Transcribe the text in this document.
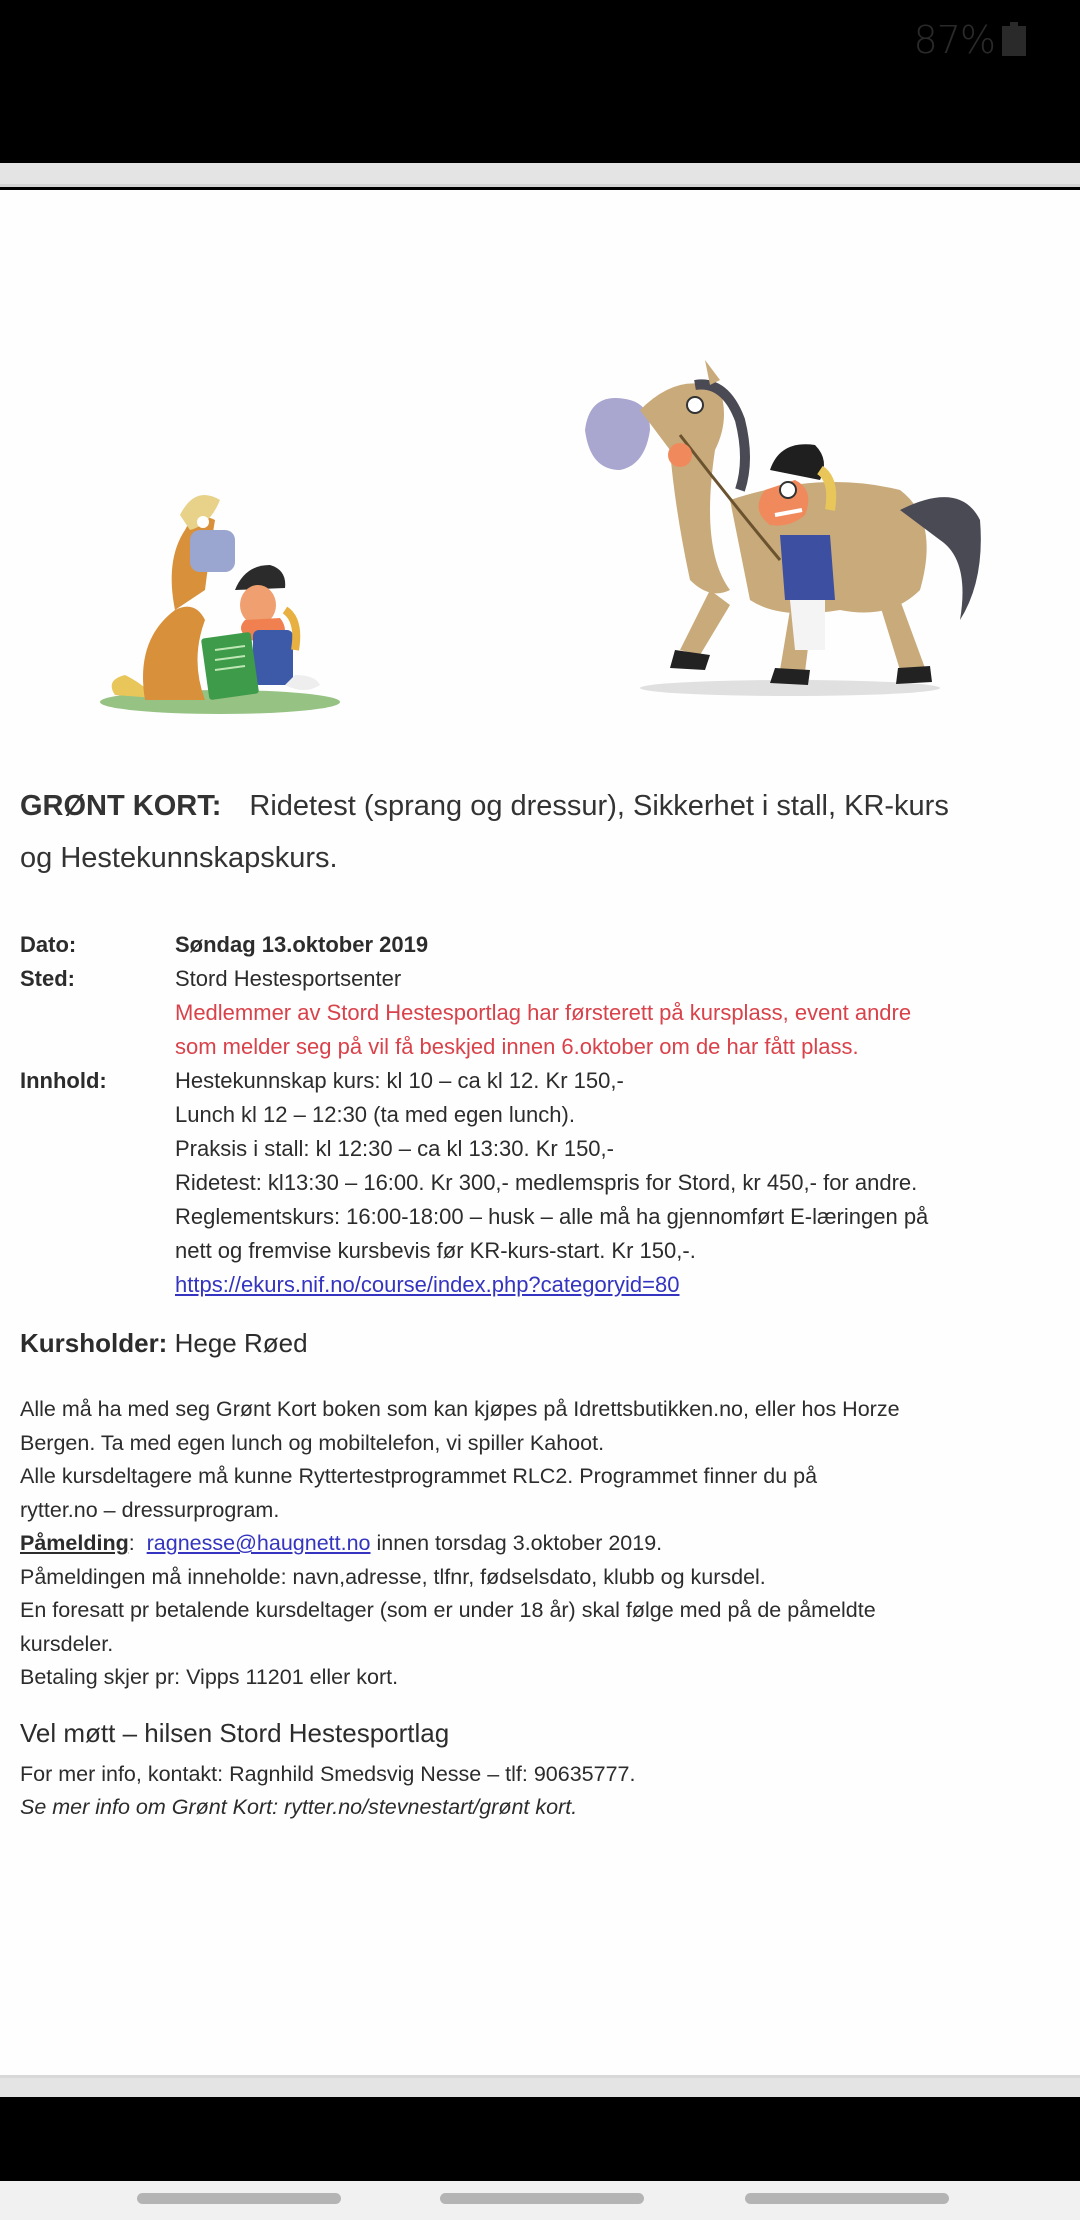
87%
GRØNT KORT: Ridetest (sprang og dressur), Sikkerhet i stall, KR-kurs
og Hestekunnskapskurs.
Dato:	Søndag 13.oktober 2019
Sted:	Stord Hestesportsenter
Medlemmer av Stord Hestesportlag har førsterett på kursplass, event andre
som melder seg på vil få beskjed innen 6.oktober om de har fått plass.
Innhold:	Hestekunnskap kurs: kl 10 – ca kl 12. Kr 150,-
Lunch kl 12 – 12:30 (ta med egen lunch).
Praksis i stall: kl 12:30 – ca kl 13:30. Kr 150,-
Ridetest: kl13:30 – 16:00. Kr 300,- medlemspris for Stord, kr 450,- for andre.
Reglementskurs: 16:00-18:00 – husk – alle må ha gjennomført E-læringen på
nett og fremvise kursbevis før KR-kurs-start. Kr 150,-.
https://ekurs.nif.no/course/index.php?categoryid=80
Kursholder: Hege Røed
Alle må ha med seg Grønt Kort boken som kan kjøpes på Idrettsbutikken.no, eller hos Horze
Bergen. Ta med egen lunch og mobiltelefon, vi spiller Kahoot.
Alle kursdeltagere må kunne Ryttertestprogrammet RLC2. Programmet finner du på
rytter.no – dressurprogram.
Påmelding:  ragnesse@haugnett.no innen torsdag 3.oktober 2019.
Påmeldingen må inneholde: navn,adresse, tlfnr, fødselsdato, klubb og kursdel.
En foresatt pr betalende kursdeltager (som er under 18 år) skal følge med på de påmeldte
kursdeler.
Betaling skjer pr: Vipps 11201 eller kort.
Vel møtt – hilsen Stord Hestesportlag
For mer info, kontakt: Ragnhild Smedsvig Nesse – tlf: 90635777.
Se mer info om Grønt Kort: rytter.no/stevnestart/grønt kort.
